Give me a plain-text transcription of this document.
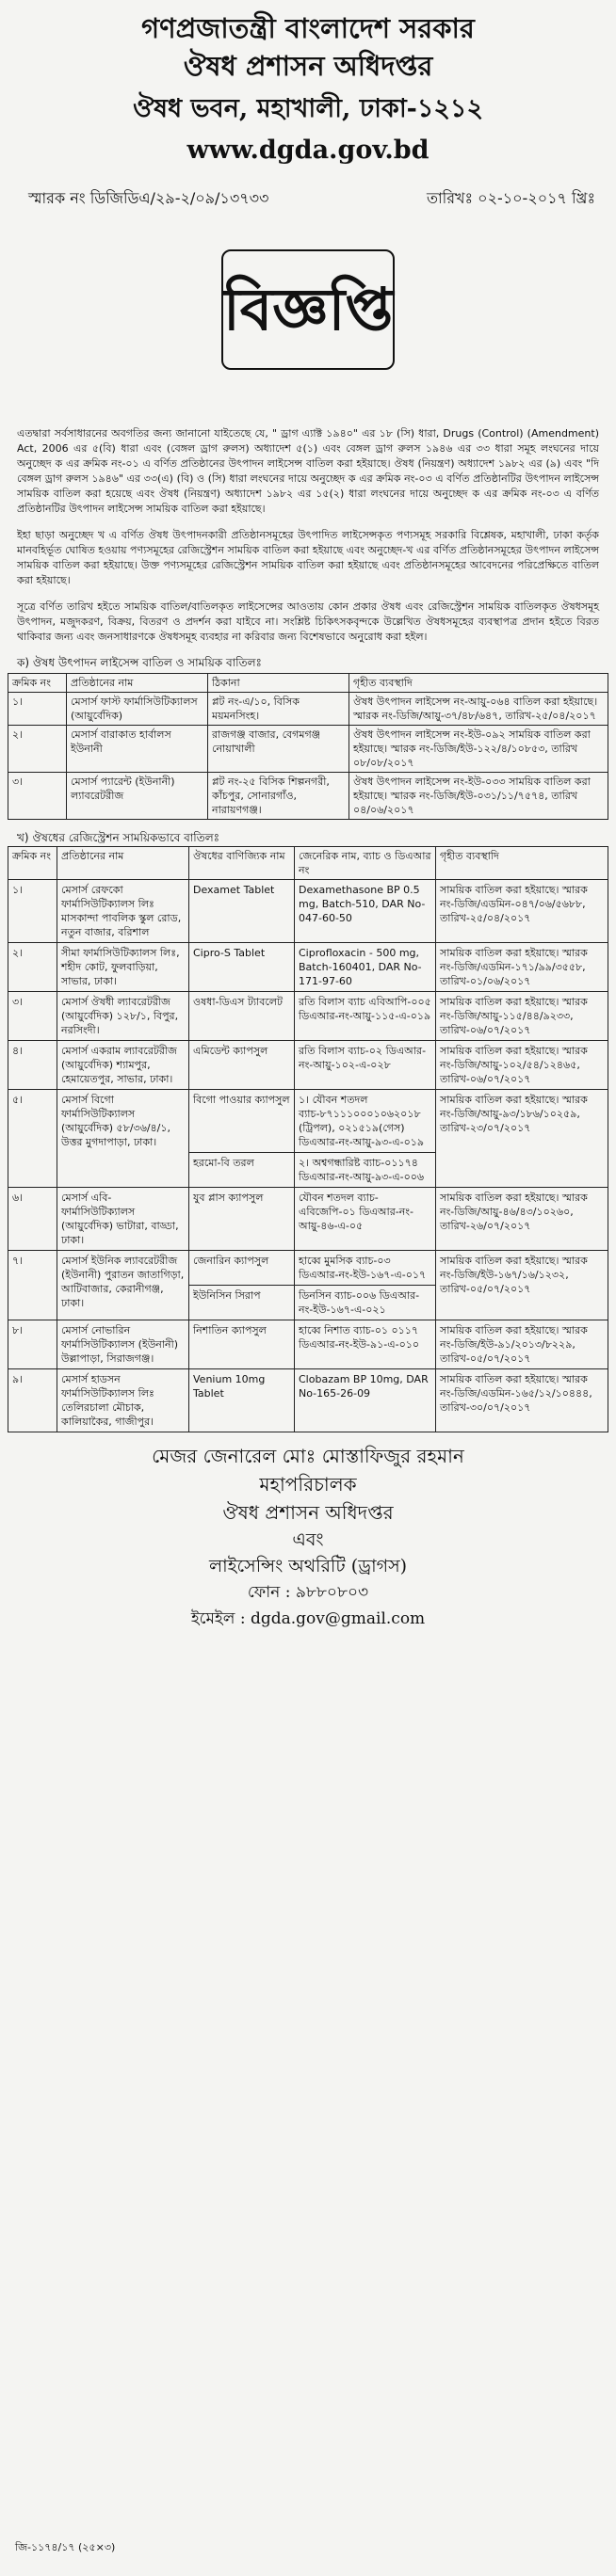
গণপ্রজাতন্ত্রী বাংলাদেশ সরকার
ঔষধ প্রশাসন অধিদপ্তর
ঔষধ ভবন, মহাখালী, ঢাকা-১২১২
www.dgda.gov.bd
স্মারক নং ডিজিডিএ/২৯-২/০৯/১৩৭৩৩	তারিখঃ ০২-১০-২০১৭ খ্রিঃ
বিজ্ঞপ্তি

এতদ্বারা সর্বসাধারনের অবগতির জন্য জানানো যাইতেছে যে, " ড্রাগ এ্যাক্ট ১৯৪০" এর ১৮ (সি) ধারা, Drugs (Control) (Amendment) Act, 2006 এর ৫(বি) ধারা এবং (বেঙ্গল ড্রাগ রুলস) অধ্যাদেশ ৫(১) এবং বেঙ্গল ড্রাগ রুলস ১৯৪৬ এর ৩৩ ধারা সমূহ লংঘনের দায়ে অনুচ্ছেদ ক এর ক্রমিক নং-০১ এ বর্ণিত প্রতিষ্ঠানের উৎপাদন লাইসেন্স বাতিল করা হইয়াছে। ঔষধ (নিয়ন্ত্রণ) অধ্যাদেশ ১৯৮২ এর (৯) এবং "দি বেঙ্গল ড্রাগ রুলস ১৯৪৬" এর ৩৩(এ) (বি) ও (সি) ধারা লংঘনের দায়ে অনুচ্ছেদ ক এর ক্রমিক নং-০৩ এ বর্ণিত প্রতিষ্ঠানটির উৎপাদন লাইসেন্স সাময়িক বাতিল করা হয়েছে এবং ঔষধ (নিয়ন্ত্রণ) অধ্যাদেশ ১৯৮২ এর ১৫(২) ধারা লংঘনের দায়ে অনুচ্ছেদ ক এর ক্রমিক নং-০৩ এ বর্ণিত প্রতিষ্ঠানটির উৎপাদন লাইসেন্স সাময়িক বাতিল করা হইয়াছে।

ইহা ছাড়া অনুচ্ছেদ খ এ বর্ণিত ঔষধ উৎপাদনকারী প্রতিষ্ঠানসমূহের উৎপাদিত লাইসেন্সকৃত পণ্যসমূহ সরকারি বিশ্লেষক, মহাখালী, ঢাকা কর্তৃক মানবহির্ভূত ঘোষিত হওয়ায় পণ্যসমূহের রেজিস্ট্রেশন সাময়িক বাতিল করা হইয়াছে এবং অনুচ্ছেদ-খ এর বর্ণিত প্রতিষ্ঠানসমূহের উৎপাদন লাইসেন্স সাময়িক বাতিল করা হইয়াছে। উক্ত পণ্যসমূহের রেজিস্ট্রেশন সাময়িক বাতিল করা হইয়াছে এবং প্রতিষ্ঠানসমূহের আবেদনের পরিপ্রেক্ষিতে বাতিল করা হইয়াছে।

সূত্রে বর্ণিত তারিখ হইতে সাময়িক বাতিল/বাতিলকৃত লাইসেন্সের আওতায় কোন প্রকার ঔষধ এবং রেজিস্ট্রেশন সাময়িক বাতিলকৃত ঔষধসমূহ উৎপাদন, মজুদকরণ, বিক্রয়, বিতরণ ও প্রদর্শন করা যাইবে না। সংশ্লিষ্ট চিকিৎসকবৃন্দকে উল্লেখিত ঔষধসমূহের ব্যবস্থাপত্র প্রদান হইতে বিরত থাকিবার জন্য এবং জনসাধারণকে ঔষধসমূহ ব্যবহার না করিবার জন্য বিশেষভাবে অনুরোধ করা হইল।

ক) ঔষধ উৎপাদন লাইসেন্স বাতিল ও সাময়িক বাতিলঃ
ক্রমিক নং	প্রতিষ্ঠানের নাম	ঠিকানা	গৃহীত ব্যবস্থাদি
১।	মেসার্স ফাস্ট ফার্মাসিউটিক্যালস (আয়ুর্বেদিক)	প্লট নং-এ/১০, বিসিক ময়মনসিংহ।	ঔষধ উৎপাদন লাইসেন্স নং-আয়ু-০৬৪ বাতিল করা হইয়াছে। স্মারক নং-ডিজি/আয়ু-৩৭/৪৮/৬৪৭, তারিখ-২৫/০৪/২০১৭
২।	মেসার্স বারাকাত হার্বালস ইউনানী	রাজগঞ্জ বাজার, বেগমগঞ্জ নোয়াখালী	ঔষধ উৎপাদন লাইসেন্স নং-ইউ-০৯২ সাময়িক বাতিল করা হইয়াছে। স্মারক নং-ডিজি/ইউ-১২২/৪/১০৮৫৩, তারিখ ০৮/০৮/২০১৭
৩।	মেসার্স প্যারেন্ট (ইউনানী) ল্যাবরেটরীজ	প্লট নং-২৫ বিসিক শিল্পনগরী, কাঁচপুর, সোনারগাঁও, নারায়ণগঞ্জ।	ঔষধ উৎপাদন লাইসেন্স নং-ইউ-০৩৩ সাময়িক বাতিল করা হইয়াছে। স্মারক নং-ডিজি/ইউ-০৩১/১১/৭৫৭৪, তারিখ ০৪/০৬/২০১৭
খ) ঔষধের রেজিস্ট্রেশন সাময়িকভাবে বাতিলঃ
ক্রমিক নং	প্রতিষ্ঠানের নাম	ঔষধের বাণিজ্যিক নাম	জেনেরিক নাম, ব্যাচ ও ডিএআর নং	গৃহীত ব্যবস্থাদি
১।	মেসার্স রেফকো ফার্মাসিউটিক্যালস লিঃ মাসকান্দা পাবলিক স্কুল রোড, নতুন বাজার, বরিশাল	Dexamet Tablet	Dexamethasone BP 0.5 mg, Batch-510, DAR No-047-60-50	সাময়িক বাতিল করা হইয়াছে। স্মারক নং-ডিজি/এডমিন-০৪৭/০৬/৫৬৮৮, তারিখ-২৫/০৪/২০১৭
২।	সীমা ফার্মাসিউটিক্যালস লিঃ, শহীদ কোট, ফুলবাড়িয়া, সাভার, ঢাকা।	Cipro-S Tablet	Ciprofloxacin - 500 mg, Batch-160401, DAR No-171-97-60	সাময়িক বাতিল করা হইয়াছে। স্মারক নং-ডিজি/এডমিন-১৭১/৯৯/৩৫৫৮, তারিখ-০১/০৬/২০১৭
৩।	মেসার্স ঔষধী ল্যাবরেটরীজ (আয়ুর্বেদিক) ১২৮/১, বিপুর, নরসিংদী।	ওষধা-ডিএস ট্যাবলেট	রতি বিলাস ব্যাচ এবিআপি-০০৫ ডিএআর-নং-আয়ু-১১৫-এ-০১৯	সাময়িক বাতিল করা হইয়াছে। স্মারক নং-ডিজি/আয়ু-১১৫/৪৪/৯২৩৩, তারিখ-০৬/০৭/২০১৭
৪।	মেসার্স একরাম ল্যাবরেটরীজ (আয়ুর্বেদিক) শ্যামপুর, হেমায়েতপুর, সাভার, ঢাকা।	এমিডেন্ট ক্যাপসুল	রতি বিলাস ব্যাচ-০২ ডিএআর-নং-আয়ু-১০২-এ-০২৮	সাময়িক বাতিল করা হইয়াছে। স্মারক নং-ডিজি/আয়ু-১০২/৫৪/১২৪৬৫, তারিখ-০৬/০৭/২০১৭
৫।	মেসার্স বিগো ফার্মাসিউটিক্যালস (আয়ুর্বেদিক) ৫৮/৩৬/৪/১, উত্তর মুগদাপাড়া, ঢাকা।	বিগো পাওয়ার ক্যাপসুল	১। যৌবন শতদল ব্যাচ-৮৭১১১০০০১০৬২০১৮ (ট্রিপল), ০২১৫১৯(গেস) ডিএআর-নং-আয়ু-৯৩-এ-০১৯	সাময়িক বাতিল করা হইয়াছে। স্মারক নং-ডিজি/আয়ু-৯৩/১৮৬/১০২৫৯, তারিখ-২৩/০৭/২০১৭
		হরমো-বি তরল	২। অশ্বগন্ধারিষ্ট ব্যাচ-০১১৭৪ ডিএআর-নং-আয়ু-৯৩-এ-০০৬	
৬।	মেসার্স এবি-ফার্মাসিউটিক্যালস (আয়ুর্বেদিক) ভাটারা, বাড্ডা, ঢাকা।	যুব প্লাস ক্যাপসুল	যৌবন শতদল ব্যাচ-এবিজেপি-০১ ডিএআর-নং-আয়ু-৪৬-এ-০৫	সাময়িক বাতিল করা হইয়াছে। স্মারক নং-ডিজি/আয়ু-৪৬/৪৩/১০২৬০, তারিখ-২৬/০৭/২০১৭
৭।	মেসার্স ইউনিক ল্যাবরেটরীজ (ইউনানী) পুরাতন জাতাগিড়া, আটিবাজার, কেরানীগঞ্জ, ঢাকা।	জেনারিন ক্যাপসুল	হাব্বে মুমসিক ব্যাচ-০৩ ডিএআর-নং-ইউ-১৬৭-এ-০১৭	সাময়িক বাতিল করা হইয়াছে। স্মারক নং-ডিজি/ইউ-১৬৭/১৬/১২৩২, তারিখ-০৫/০৭/২০১৭
		ইউনিসিন সিরাপ	ডিনসিন ব্যাচ-০০৬ ডিএআর-নং-ইউ-১৬৭-এ-০২১	
৮।	মেসার্স নোভারিন ফার্মাসিউটিক্যালস (ইউনানী) উল্লাপাড়া, সিরাজগঞ্জ।	নিশাতিন ক্যাপসুল	হাব্বে নিশাত ব্যাচ-০১ ০১১৭ ডিএআর-নং-ইউ-৯১-এ-০১০	সাময়িক বাতিল করা হইয়াছে। স্মারক নং-ডিজি/ইউ-৯১/২০১৩/৮২২৯, তারিখ-০৫/০৭/২০১৭
৯।	মেসার্স হাডসন ফার্মাসিউটিক্যালস লিঃ তেলিরচালা মৌচাক, কালিয়াকৈর, গাজীপুর।	Venium 10mg Tablet	Clobazam BP 10mg, DAR No-165-26-09	সাময়িক বাতিল করা হইয়াছে। স্মারক নং-ডিজি/এডমিন-১৬৫/১২/১০৪৪৪, তারিখ-৩০/০৭/২০১৭
মেজর জেনারেল মোঃ মোস্তাফিজুর রহমান
মহাপরিচালক
ঔষধ প্রশাসন অধিদপ্তর
এবং
লাইসেন্সিং অথরিটি (ড্রাগস)
ফোন : ৯৮৮০৮০৩
ইমেইল : dgda.gov@gmail.com
জি-১১৭৪/১৭ (২৫×৩)
